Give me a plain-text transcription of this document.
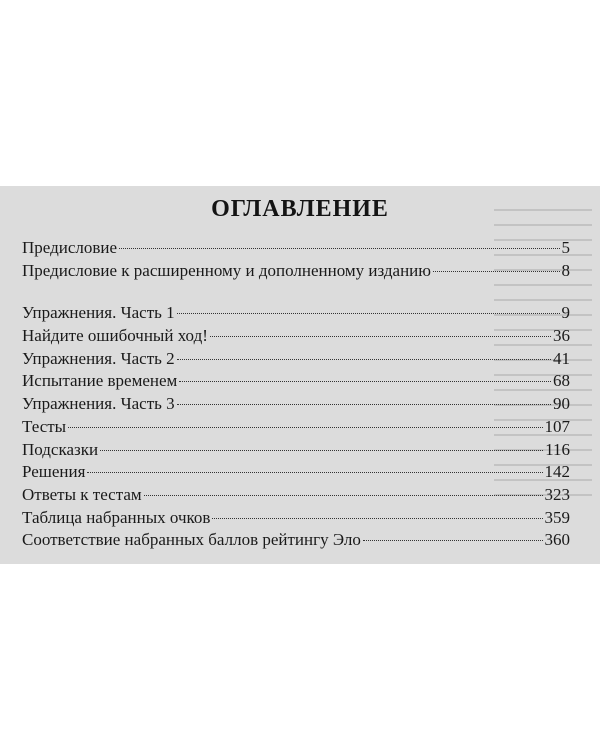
ОГЛАВЛЕНИЕ
Предисловие	5
Предисловие к расширенному и дополненному изданию	8
Упражнения. Часть 1	9
Найдите ошибочный ход!	36
Упражнения. Часть 2	41
Испытание временем	68
Упражнения. Часть 3	90
Тесты	107
Подсказки	116
Решения	142
Ответы к тестам	323
Таблица набранных очков	359
Соответствие набранных баллов рейтингу Эло	360
